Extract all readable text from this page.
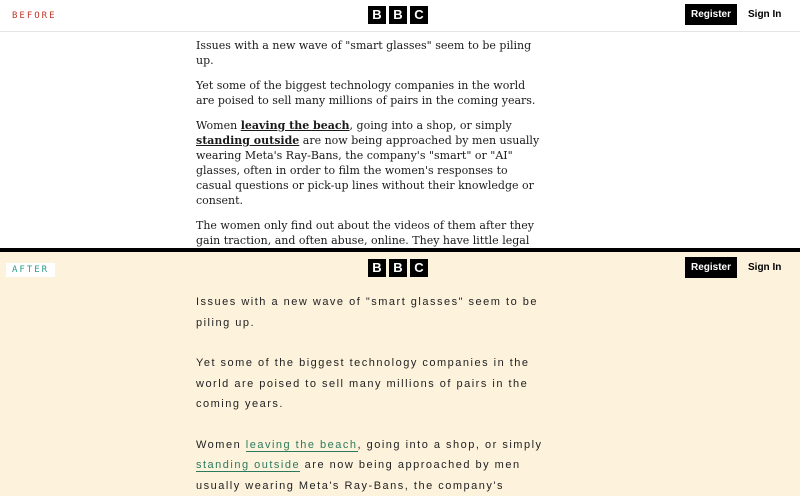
BEFORE	B B C	Register	Sign In

Issues with a new wave of "smart glasses" seem to be piling up.

Yet some of the biggest technology companies in the world are poised to sell many millions of pairs in the coming years.

Women leaving the beach, going into a shop, or simply standing outside are now being approached by men usually wearing Meta's Ray-Bans, the company's "smart" or "AI" glasses, often in order to film the women's responses to casual questions or pick-up lines without their knowledge or consent.

The women only find out about the videos of them after they gain traction, and often abuse, online. They have little legal

AFTER	B B C	Register	Sign In

Issues with a new wave of "smart glasses" seem to be piling up.

Yet some of the biggest technology companies in the world are poised to sell many millions of pairs in the coming years.

Women leaving the beach, going into a shop, or simply standing outside are now being approached by men usually wearing Meta's Ray-Bans, the company's
